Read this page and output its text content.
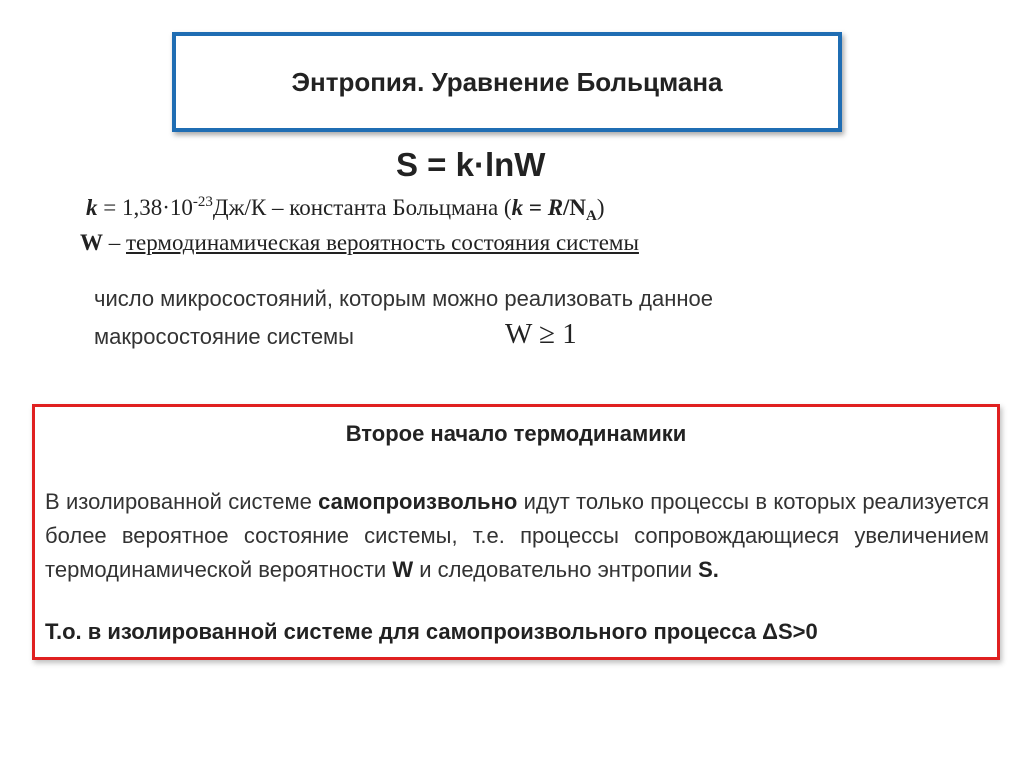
Энтропия. Уравнение Больцмана
S = k·lnW
$k = 1,38\cdot 10^{-23}Дж/К$ – константа Больцмана $(k = R/N_A)$
W – термодинамическая вероятность состояния системы
число микросостояний, которым можно реализовать данное
макросостояние системы	W ≥ 1
Второе начало термодинамики
В изолированной системе самопроизвольно идут только процессы в которых реализуется более вероятное состояние системы, т.е. процессы сопровождающиеся увеличением термодинамической вероятности W и следовательно энтропии S.
Т.о. в изолированной системе для самопроизвольного процесса ΔS>0
